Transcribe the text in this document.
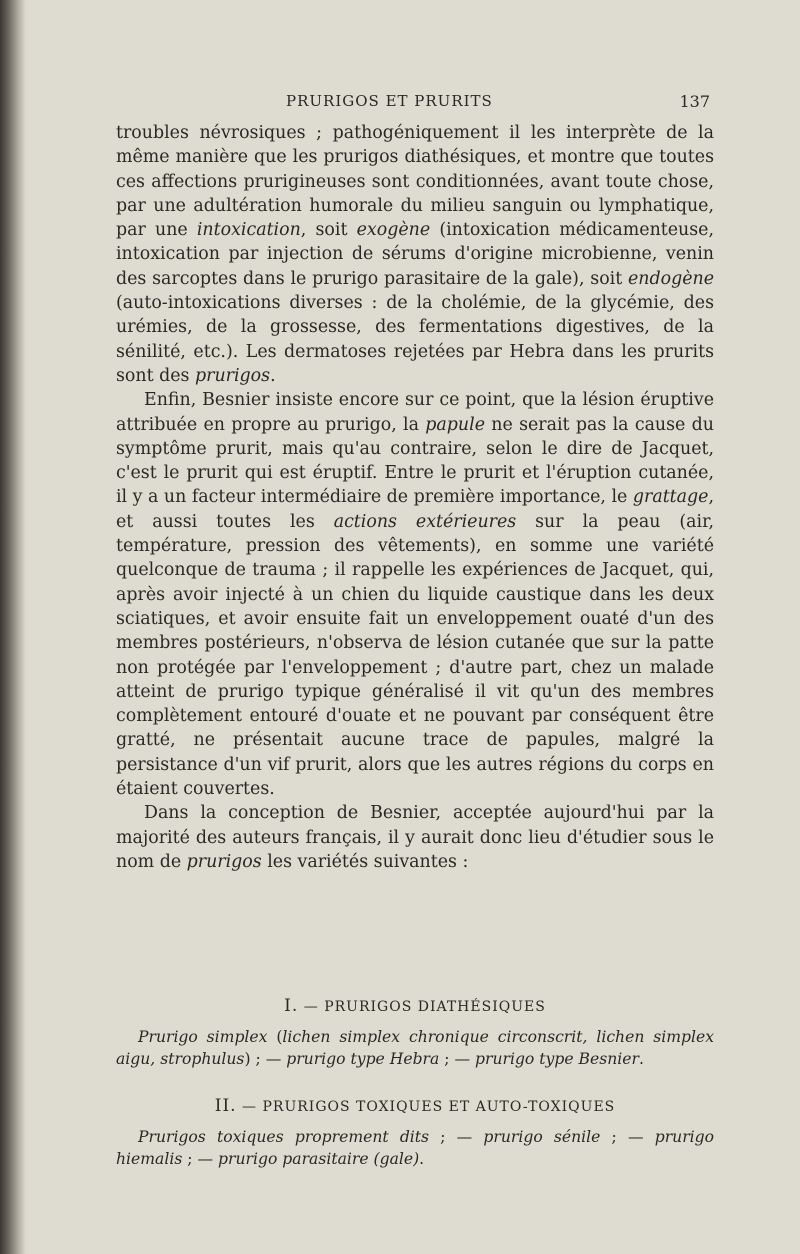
PRURIGOS ET PRURITS	137

troubles névrosiques ; pathogéniquement il les interprète de la même manière que les prurigos diathésiques, et montre que toutes ces affections prurigineuses sont conditionnées, avant toute chose, par une adultération humorale du milieu sanguin ou lymphatique, par une intoxication, soit exogène (intoxication médicamenteuse, intoxication par injection de sérums d'origine microbienne, venin des sarcoptes dans le prurigo parasitaire de la gale), soit endogène (auto-intoxications diverses : de la cholémie, de la glycémie, des urémies, de la grossesse, des fermentations digestives, de la sénilité, etc.). Les dermatoses rejetées par Hebra dans les prurits sont des prurigos.

Enfin, Besnier insiste encore sur ce point, que la lésion éruptive attribuée en propre au prurigo, la papule ne serait pas la cause du symptôme prurit, mais qu'au contraire, selon le dire de Jacquet, c'est le prurit qui est éruptif. Entre le prurit et l'éruption cutanée, il y a un facteur intermédiaire de première importance, le grattage, et aussi toutes les actions extérieures sur la peau (air, température, pression des vêtements), en somme une variété quelconque de trauma ; il rappelle les expériences de Jacquet, qui, après avoir injecté à un chien du liquide caustique dans les deux sciatiques, et avoir ensuite fait un enveloppement ouaté d'un des membres postérieurs, n'observa de lésion cutanée que sur la patte non protégée par l'enveloppement ; d'autre part, chez un malade atteint de prurigo typique généralisé il vit qu'un des membres complètement entouré d'ouate et ne pouvant par conséquent être gratté, ne présentait aucune trace de papules, malgré la persistance d'un vif prurit, alors que les autres régions du corps en étaient couvertes.

Dans la conception de Besnier, acceptée aujourd'hui par la majorité des auteurs français, il y aurait donc lieu d'étudier sous le nom de prurigos les variétés suivantes :

I. — PRURIGOS DIATHÉSIQUES

Prurigo simplex (lichen simplex chronique circonscrit, lichen simplex aigu, strophulus) ; — prurigo type Hebra ; — prurigo type Besnier.

II. — PRURIGOS TOXIQUES ET AUTO-TOXIQUES

Prurigos toxiques proprement dits ; — prurigo sénile ; — prurigo hiemalis ; — prurigo parasitaire (gale).
